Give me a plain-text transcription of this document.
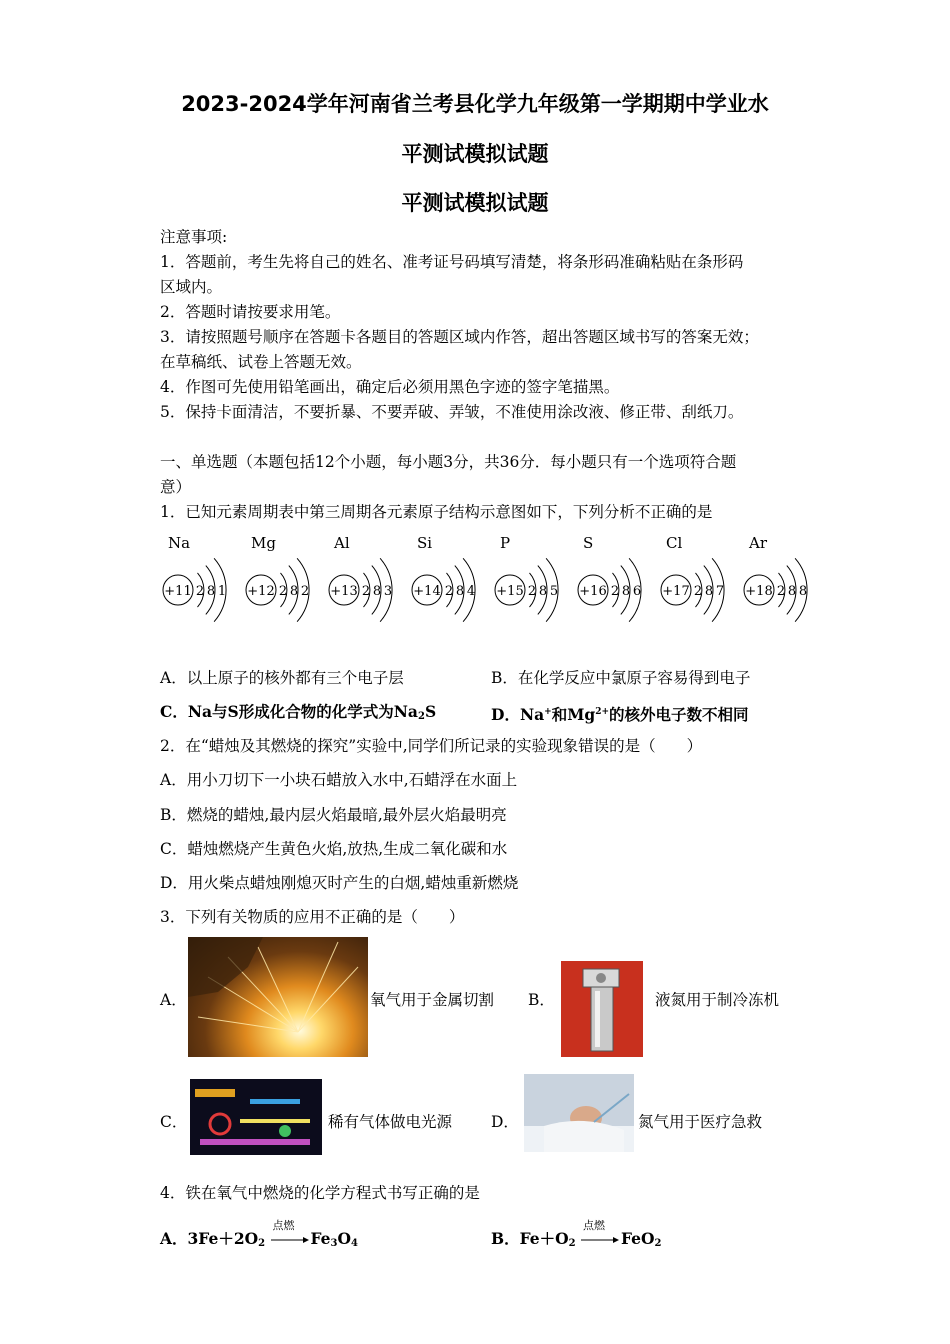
2023-2024学年河南省兰考县化学九年级第一学期期中学业水
平测试模拟试题
平测试模拟试题
注意事项:
1．答题前，考生先将自己的姓名、准考证号码填写清楚，将条形码准确粘贴在条形码
区域内。
2．答题时请按要求用笔。
3．请按照题号顺序在答题卡各题目的答题区域内作答，超出答题区域书写的答案无效；
在草稿纸、试卷上答题无效。
4．作图可先使用铅笔画出，确定后必须用黑色字迹的签字笔描黑。
5．保持卡面清洁，不要折暴、不要弄破、弄皱，不准使用涂改液、修正带、刮纸刀。
一、单选题（本题包括12个小题，每小题3分，共36分．每小题只有一个选项符合题
意）
1．已知元素周期表中第三周期各元素原子结构示意图如下，下列分析不正确的是
Na
+11 2 8 1
Mg
+12 2 8 2
Al
+13 2 8 3
Si
+14 2 8 4
P
+15 2 8 5
S
+16 2 8 6
Cl
+17 2 8 7
Ar
+18 2 8 8
A．以上原子的核外都有三个电子层	B．在化学反应中氯原子容易得到电子
C．Na与S形成化合物的化学式为$Na_2S$	D．Na+和$Mg^{2+}$的核外电子数不相同
2．在“蜡烛及其燃烧的探究”实验中,同学们所记录的实验现象错误的是（　　）
A．用小刀切下一小块石蜡放入水中,石蜡浮在水面上
B．燃烧的蜡烛,最内层火焰最暗,最外层火焰最明亮
C．蜡烛燃烧产生黄色火焰,放热,生成二氧化碳和水
D．用火柴点蜡烛刚熄灭时产生的白烟,蜡烛重新燃烧
3．下列有关物质的应用不正确的是（　　）
A．	氧气用于金属切割 B．	液氮用于制冷冻机
C．	稀有气体做电光源	D．	氮气用于医疗急救
4．铁在氧气中燃烧的化学方程式书写正确的是
A．$3Fe+2O_2$
点燃
$Fe_3O_4$	B．$Fe+O_2$
点燃
FeO$_2$
